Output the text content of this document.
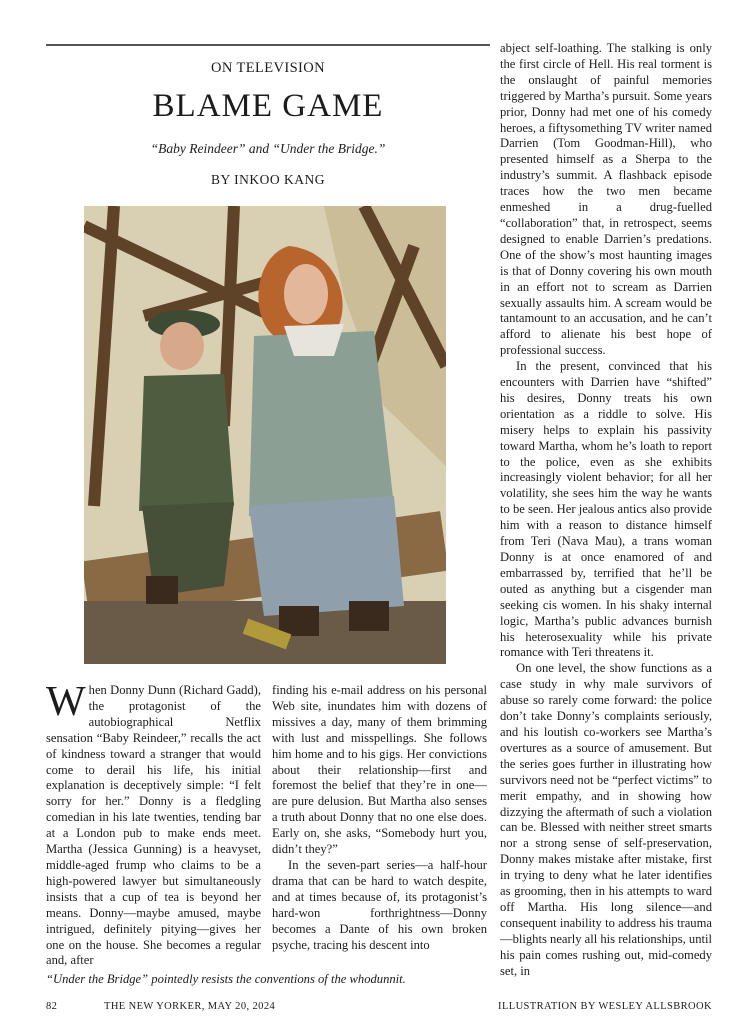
ON TELEVISION
BLAME GAME
“Baby Reindeer” and “Under the Bridge.”
BY INKOO KANG

When Donny Dunn (Richard Gadd), the protagonist of the autobiographical Netflix sensation “Baby Reindeer,” recalls the act of kindness toward a stranger that would come to derail his life, his initial explanation is deceptively simple: “I felt sorry for her.” Donny is a fledgling comedian in his late twenties, tending bar at a London pub to make ends meet. Martha (Jessica Gunning) is a heavyset, middle-aged frump who claims to be a high-powered lawyer but simultaneously insists that a cup of tea is beyond her means. Donny—maybe amused, maybe intrigued, definitely pitying—gives her one on the house. She becomes a regular and, after

finding his e-mail address on his personal Web site, inundates him with dozens of missives a day, many of them brimming with lust and misspellings. She follows him home and to his gigs. Her convictions about their relationship—first and foremost the belief that they’re in one—are pure delusion. But Martha also senses a truth about Donny that no one else does. Early on, she asks, “Somebody hurt you, didn’t they?”

In the seven-part series—a half-hour drama that can be hard to watch despite, and at times because of, its protagonist’s hard-won forthrightness—Donny becomes a Dante of his own broken psyche, tracing his descent into

abject self-loathing. The stalking is only the first circle of Hell. His real torment is the onslaught of painful memories triggered by Martha’s pursuit. Some years prior, Donny had met one of his comedy heroes, a fiftysomething TV writer named Darrien (Tom Goodman-Hill), who presented himself as a Sherpa to the industry’s summit. A flashback episode traces how the two men became enmeshed in a drug-fuelled “collaboration” that, in retrospect, seems designed to enable Darrien’s predations. One of the show’s most haunting images is that of Donny covering his own mouth in an effort not to scream as Darrien sexually assaults him. A scream would be tantamount to an accusation, and he can’t afford to alienate his best hope of professional success.

In the present, convinced that his encounters with Darrien have “shifted” his desires, Donny treats his own orientation as a riddle to solve. His misery helps to explain his passivity toward Martha, whom he’s loath to report to the police, even as she exhibits increasingly violent behavior; for all her volatility, she sees him the way he wants to be seen. Her jealous antics also provide him with a reason to distance himself from Teri (Nava Mau), a trans woman Donny is at once enamored of and embarrassed by, terrified that he’ll be outed as anything but a cisgender man seeking cis women. In his shaky internal logic, Martha’s public advances burnish his heterosexuality while his private romance with Teri threatens it.

On one level, the show functions as a case study in why male survivors of abuse so rarely come forward: the police don’t take Donny’s complaints seriously, and his loutish co-workers see Martha’s overtures as a source of amusement. But the series goes further in illustrating how survivors need not be “perfect victims” to merit empathy, and in showing how dizzying the aftermath of such a violation can be. Blessed with neither street smarts nor a strong sense of self-preservation, Donny makes mistake after mistake, first in trying to deny what he later identifies as grooming, then in his attempts to ward off Martha. His long silence—and consequent inability to address his trauma—blights nearly all his relationships, until his pain comes rushing out, mid-comedy set, in

“Under the Bridge” pointedly resists the conventions of the whodunnit.
82	THE NEW YORKER, MAY 20, 2024	ILLUSTRATION BY WESLEY ALLSBROOK
